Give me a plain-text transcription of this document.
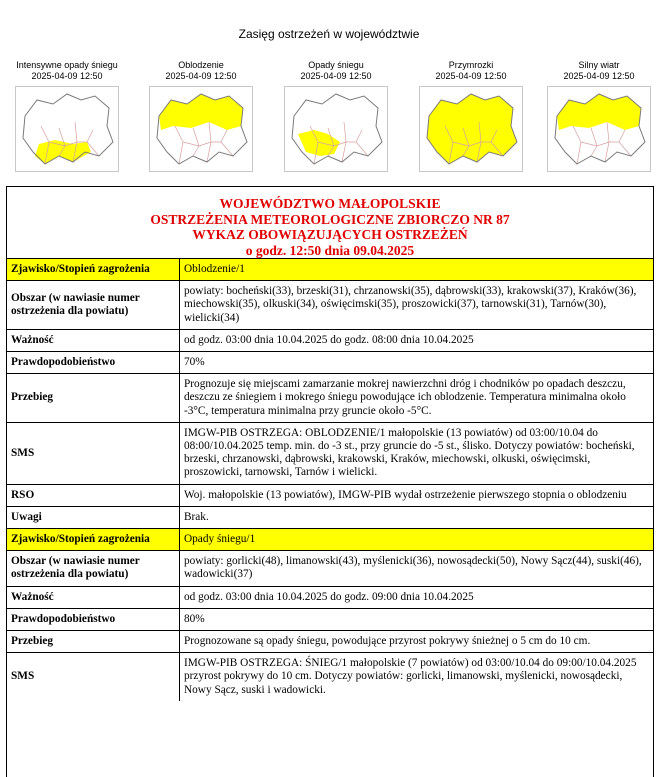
Zasięg ostrzeżeń w województwie
Intensywne opady śniegu
2025-04-09 12:50
Oblodzenie
2025-04-09 12:50
Opady śniegu
2025-04-09 12:50
Przymrozki
2025-04-09 12:50
Silny wiatr
2025-04-09 12:50
WOJEWÓDZTWO MAŁOPOLSKIE
OSTRZEŻENIA METEOROLOGICZNE ZBIORCZO NR 87
WYKAZ OBOWIĄZUJĄCYCH OSTRZEŻEŃ
o godz. 12:50 dnia 09.04.2025
Zjawisko/Stopień zagrożenia	Oblodzenie/1
Obszar (w nawiasie numer ostrzeżenia dla powiatu)	powiaty: bocheński(33), brzeski(31), chrzanowski(35), dąbrowski(33), krakowski(37), Kraków(36), miechowski(35), olkuski(34), oświęcimski(35), proszowicki(37), tarnowski(31), Tarnów(30), wielicki(34)
Ważność	od godz. 03:00 dnia 10.04.2025 do godz. 08:00 dnia 10.04.2025
Prawdopodobieństwo	70%
Przebieg	Prognozuje się miejscami zamarzanie mokrej nawierzchni dróg i chodników po opadach deszczu, deszczu ze śniegiem i mokrego śniegu powodujące ich oblodzenie. Temperatura minimalna około -3°C, temperatura minimalna przy gruncie około -5°C.
SMS	IMGW-PIB OSTRZEGA: OBLODZENIE/1 małopolskie (13 powiatów) od 03:00/10.04 do 08:00/10.04.2025 temp. min. do -3 st., przy gruncie do -5 st., ślisko. Dotyczy powiatów: bocheński, brzeski, chrzanowski, dąbrowski, krakowski, Kraków, miechowski, olkuski, oświęcimski, proszowicki, tarnowski, Tarnów i wielicki.
RSO	Woj. małopolskie (13 powiatów), IMGW-PIB wydał ostrzeżenie pierwszego stopnia o oblodzeniu
Uwagi	Brak.
Zjawisko/Stopień zagrożenia	Opady śniegu/1
Obszar (w nawiasie numer ostrzeżenia dla powiatu)	powiaty: gorlicki(48), limanowski(43), myślenicki(36), nowosądecki(50), Nowy Sącz(44), suski(46), wadowicki(37)
Ważność	od godz. 03:00 dnia 10.04.2025 do godz. 09:00 dnia 10.04.2025
Prawdopodobieństwo	80%
Przebieg	Prognozowane są opady śniegu, powodujące przyrost pokrywy śnieżnej o 5 cm do 10 cm.
SMS	IMGW-PIB OSTRZEGA: ŚNIEG/1 małopolskie (7 powiatów) od 03:00/10.04 do 09:00/10.04.2025 przyrost pokrywy do 10 cm. Dotyczy powiatów: gorlicki, limanowski, myślenicki, nowosądecki, Nowy Sącz, suski i wadowicki.
